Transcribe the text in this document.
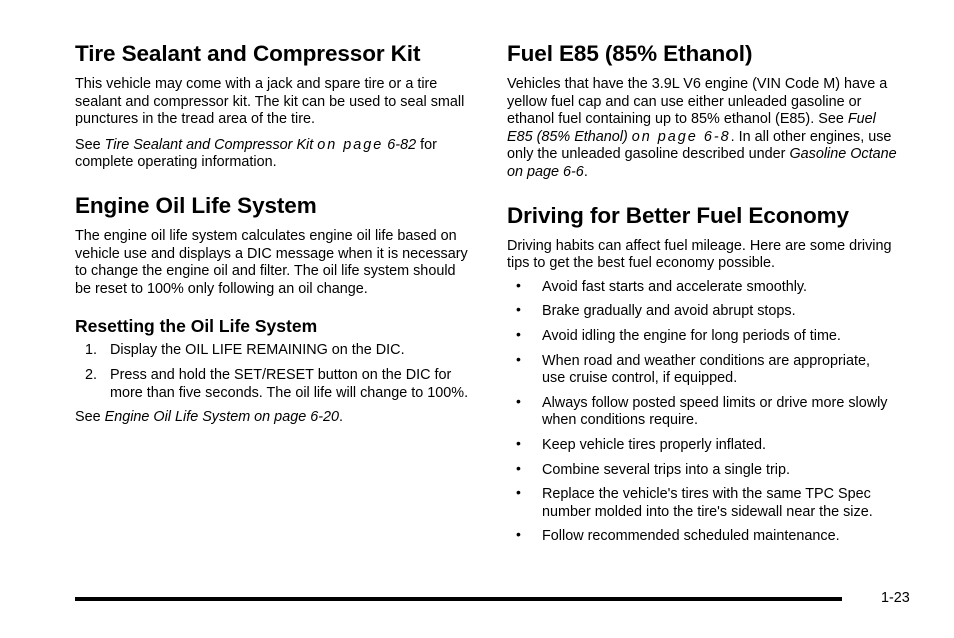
Tire Sealant and Compressor Kit

This vehicle may come with a jack and spare tire or a tire sealant and compressor kit. The kit can be used to seal small punctures in the tread area of the tire.

See Tire Sealant and Compressor Kit on page 6-82 for complete operating information.

Engine Oil Life System

The engine oil life system calculates engine oil life based on vehicle use and displays a DIC message when it is necessary to change the engine oil and filter. The oil life system should be reset to 100% only following an oil change.

Resetting the Oil Life System
1. Display the OIL LIFE REMAINING on the DIC.
2. Press and hold the SET/RESET button on the DIC for more than five seconds. The oil life will change to 100%.

See Engine Oil Life System on page 6-20.

Fuel E85 (85% Ethanol)

Vehicles that have the 3.9L V6 engine (VIN Code M) have a yellow fuel cap and can use either unleaded gasoline or ethanol fuel containing up to 85% ethanol (E85). See Fuel E85 (85% Ethanol) on page 6-8. In all other engines, use only the unleaded gasoline described under Gasoline Octane on page 6-6.

Driving for Better Fuel Economy

Driving habits can affect fuel mileage. Here are some driving tips to get the best fuel economy possible.

• Avoid fast starts and accelerate smoothly.
• Brake gradually and avoid abrupt stops.
• Avoid idling the engine for long periods of time.
• When road and weather conditions are appropriate, use cruise control, if equipped.
• Always follow posted speed limits or drive more slowly when conditions require.
• Keep vehicle tires properly inflated.
• Combine several trips into a single trip.
• Replace the vehicle's tires with the same TPC Spec number molded into the tire's sidewall near the size.
• Follow recommended scheduled maintenance.
1-23
